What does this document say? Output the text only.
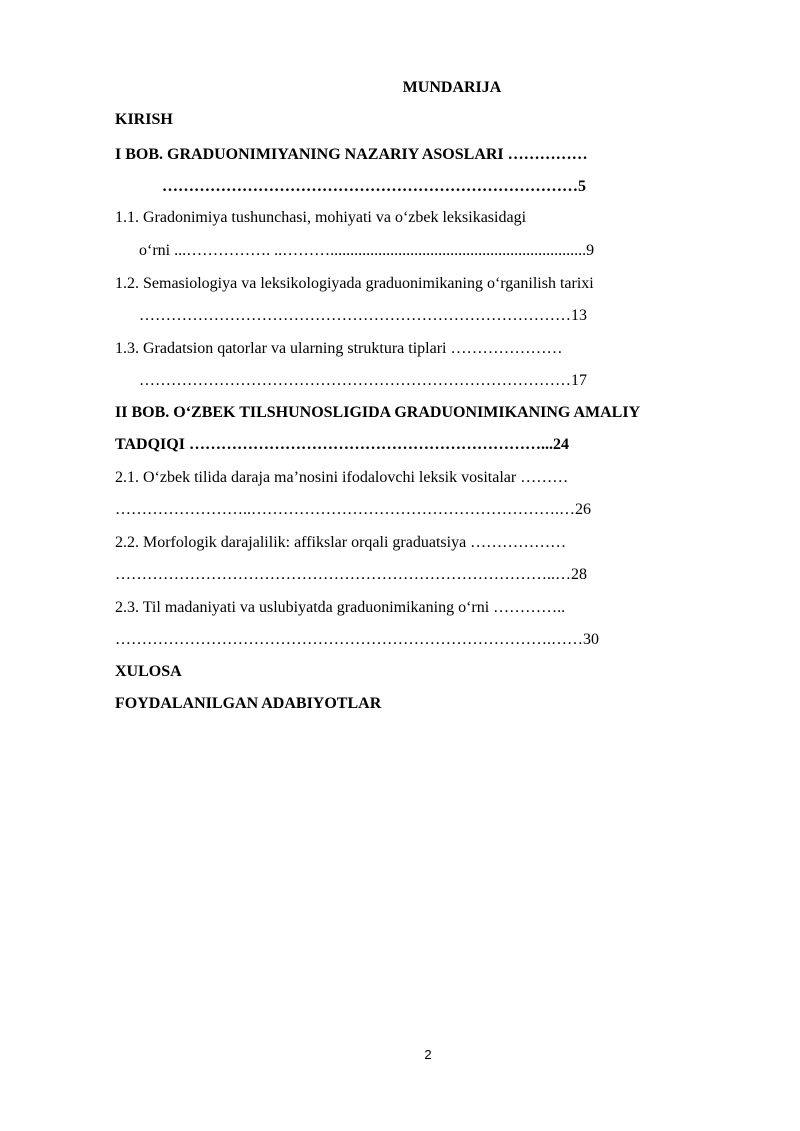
MUNDARIJA
KIRISH
I BOB. GRADUONIMIYANING NAZARIY ASOSLARI ……………
……………………………………………………………………5
1.1. Gradonimiya tushunchasi, mohiyati va o‘zbek leksikasidagi
o‘rni ...……………. ..………................................................................9
1.2. Semasiologiya va leksikologiyada graduonimikaning o‘rganilish tarixi
………………………………………………………………………13
1.3. Gradatsion qatorlar va ularning struktura tiplari …………………
………………………………………………………………………17
II BOB. O‘ZBEK TILSHUNOSLIGIDA GRADUONIMIKANING AMALIY
TADQIQI …………………………………………………………...24
2.1. O‘zbek tilida daraja ma’nosini ifodalovchi leksik vositalar ………
……………………..………………………………………………….…26
2.2. Morfologik darajalilik: affikslar orqali graduatsiya ………………
………………………………………………………………………..…28
2.3. Til madaniyati va uslubiyatda graduonimikaning o‘rni …………..
……………………………………………………………………….……30
XULOSA
FOYDALANILGAN ADABIYOTLAR
2
